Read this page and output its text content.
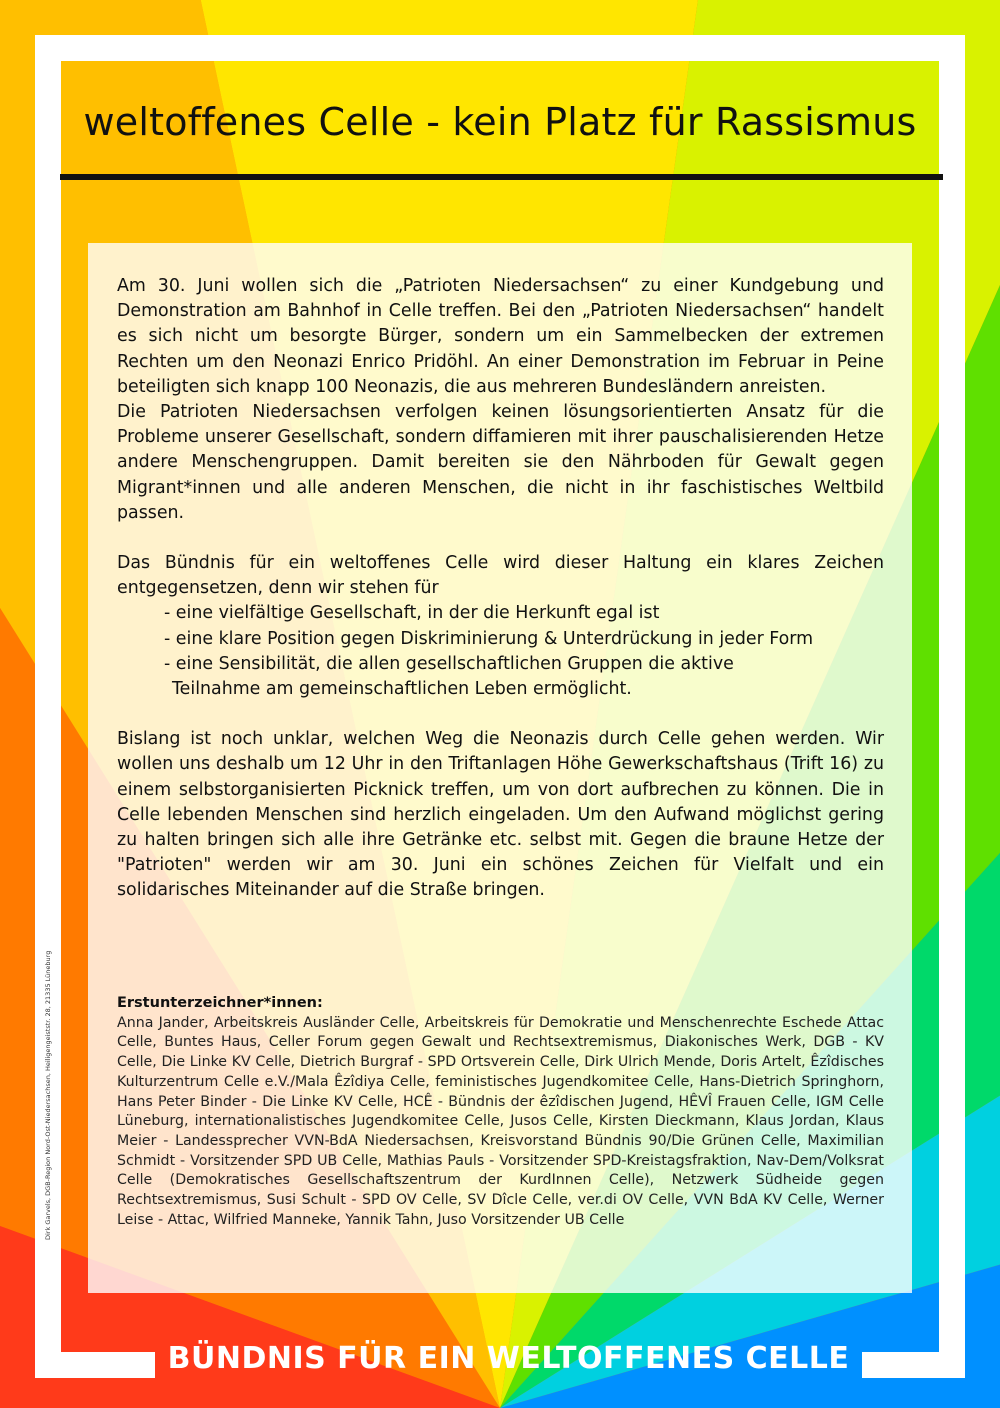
weltoffenes Celle - kein Platz für Rassismus

Am 30. Juni wollen sich die „Patrioten Niedersachsen“ zu einer Kundgebung und Demonstration am Bahnhof in Celle treffen. Bei den „Patrioten Niedersachsen“ handelt es sich nicht um besorgte Bürger, sondern um ein Sammelbecken der extremen Rechten um den Neonazi Enrico Pridöhl. An einer Demonstration im Februar in Peine beteiligten sich knapp 100 Neonazis, die aus mehreren Bundesländern anreisten.

Die Patrioten Niedersachsen verfolgen keinen lösungsorientierten Ansatz für die Probleme unserer Gesellschaft, sondern diffamieren mit ihrer pauschalisierenden Hetze andere Menschengruppen. Damit bereiten sie den Nährboden für Gewalt gegen Migrant*innen und alle anderen Menschen, die nicht in ihr faschistisches Weltbild passen.

Das Bündnis für ein weltoffenes Celle wird dieser Haltung ein klares Zeichen entgegensetzen, denn wir stehen für

- eine vielfältige Gesellschaft, in der die Herkunft egal ist
- eine klare Position gegen Diskriminierung & Unterdrückung in jeder Form
- eine Sensibilität, die allen gesellschaftlichen Gruppen die aktive
Teilnahme am gemeinschaftlichen Leben ermöglicht.

Bislang ist noch unklar, welchen Weg die Neonazis durch Celle gehen werden. Wir wollen uns deshalb um 12 Uhr in den Triftanlagen Höhe Gewerkschaftshaus (Trift 16) zu einem selbstorganisierten Picknick treffen, um von dort aufbrechen zu können. Die in Celle lebenden Menschen sind herzlich eingeladen. Um den Aufwand möglichst gering zu halten bringen sich alle ihre Getränke etc. selbst mit. Gegen die braune Hetze der "Patrioten" werden wir am 30. Juni ein schönes Zeichen für Vielfalt und ein solidarisches Miteinander auf die Straße bringen.

Erstunterzeichner*innen:

Anna Jander, Arbeitskreis Ausländer Celle, Arbeitskreis für Demokratie und Menschenrechte Eschede Attac Celle, Buntes Haus, Celler Forum gegen Gewalt und Rechtsextremismus, Diakonisches Werk, DGB - KV Celle, Die Linke KV Celle, Dietrich Burgraf - SPD Ortsverein Celle, Dirk Ulrich Mende, Doris Artelt, Êzîdisches Kulturzentrum Celle e.V./Mala Êzîdiya Celle, feministisches Jugendkomitee Celle, Hans-Dietrich Springhorn, Hans Peter Binder - Die Linke KV Celle, HCÊ - Bündnis der êzîdischen Jugend, HÊVÎ Frauen Celle, IGM Celle Lüneburg, internationalistisches Jugendkomitee Celle, Jusos Celle, Kirsten Dieckmann, Klaus Jordan, Klaus Meier - Landessprecher VVN-BdA Niedersachsen, Kreisvorstand Bündnis 90/Die Grünen Celle, Maximilian Schmidt - Vorsitzender SPD UB Celle, Mathias Pauls - Vorsitzender SPD-Kreistagsfraktion, Nav-Dem/Volksrat Celle (Demokratisches Gesellschaftszentrum der KurdInnen Celle), Netzwerk Südheide gegen Rechtsextremismus, Susi Schult - SPD OV Celle, SV Dîcle Celle, ver.di OV Celle, VVN BdA KV Celle, Werner Leise - Attac, Wilfried Manneke, Yannik Tahn, Juso Vorsitzender UB Celle

Dirk Garvels, DGB-Region Nord-Ost-Niedersachsen, Heiligengeiststr. 28, 21335 Lüneburg
BÜNDNIS FÜR EIN WELTOFFENES CELLE
